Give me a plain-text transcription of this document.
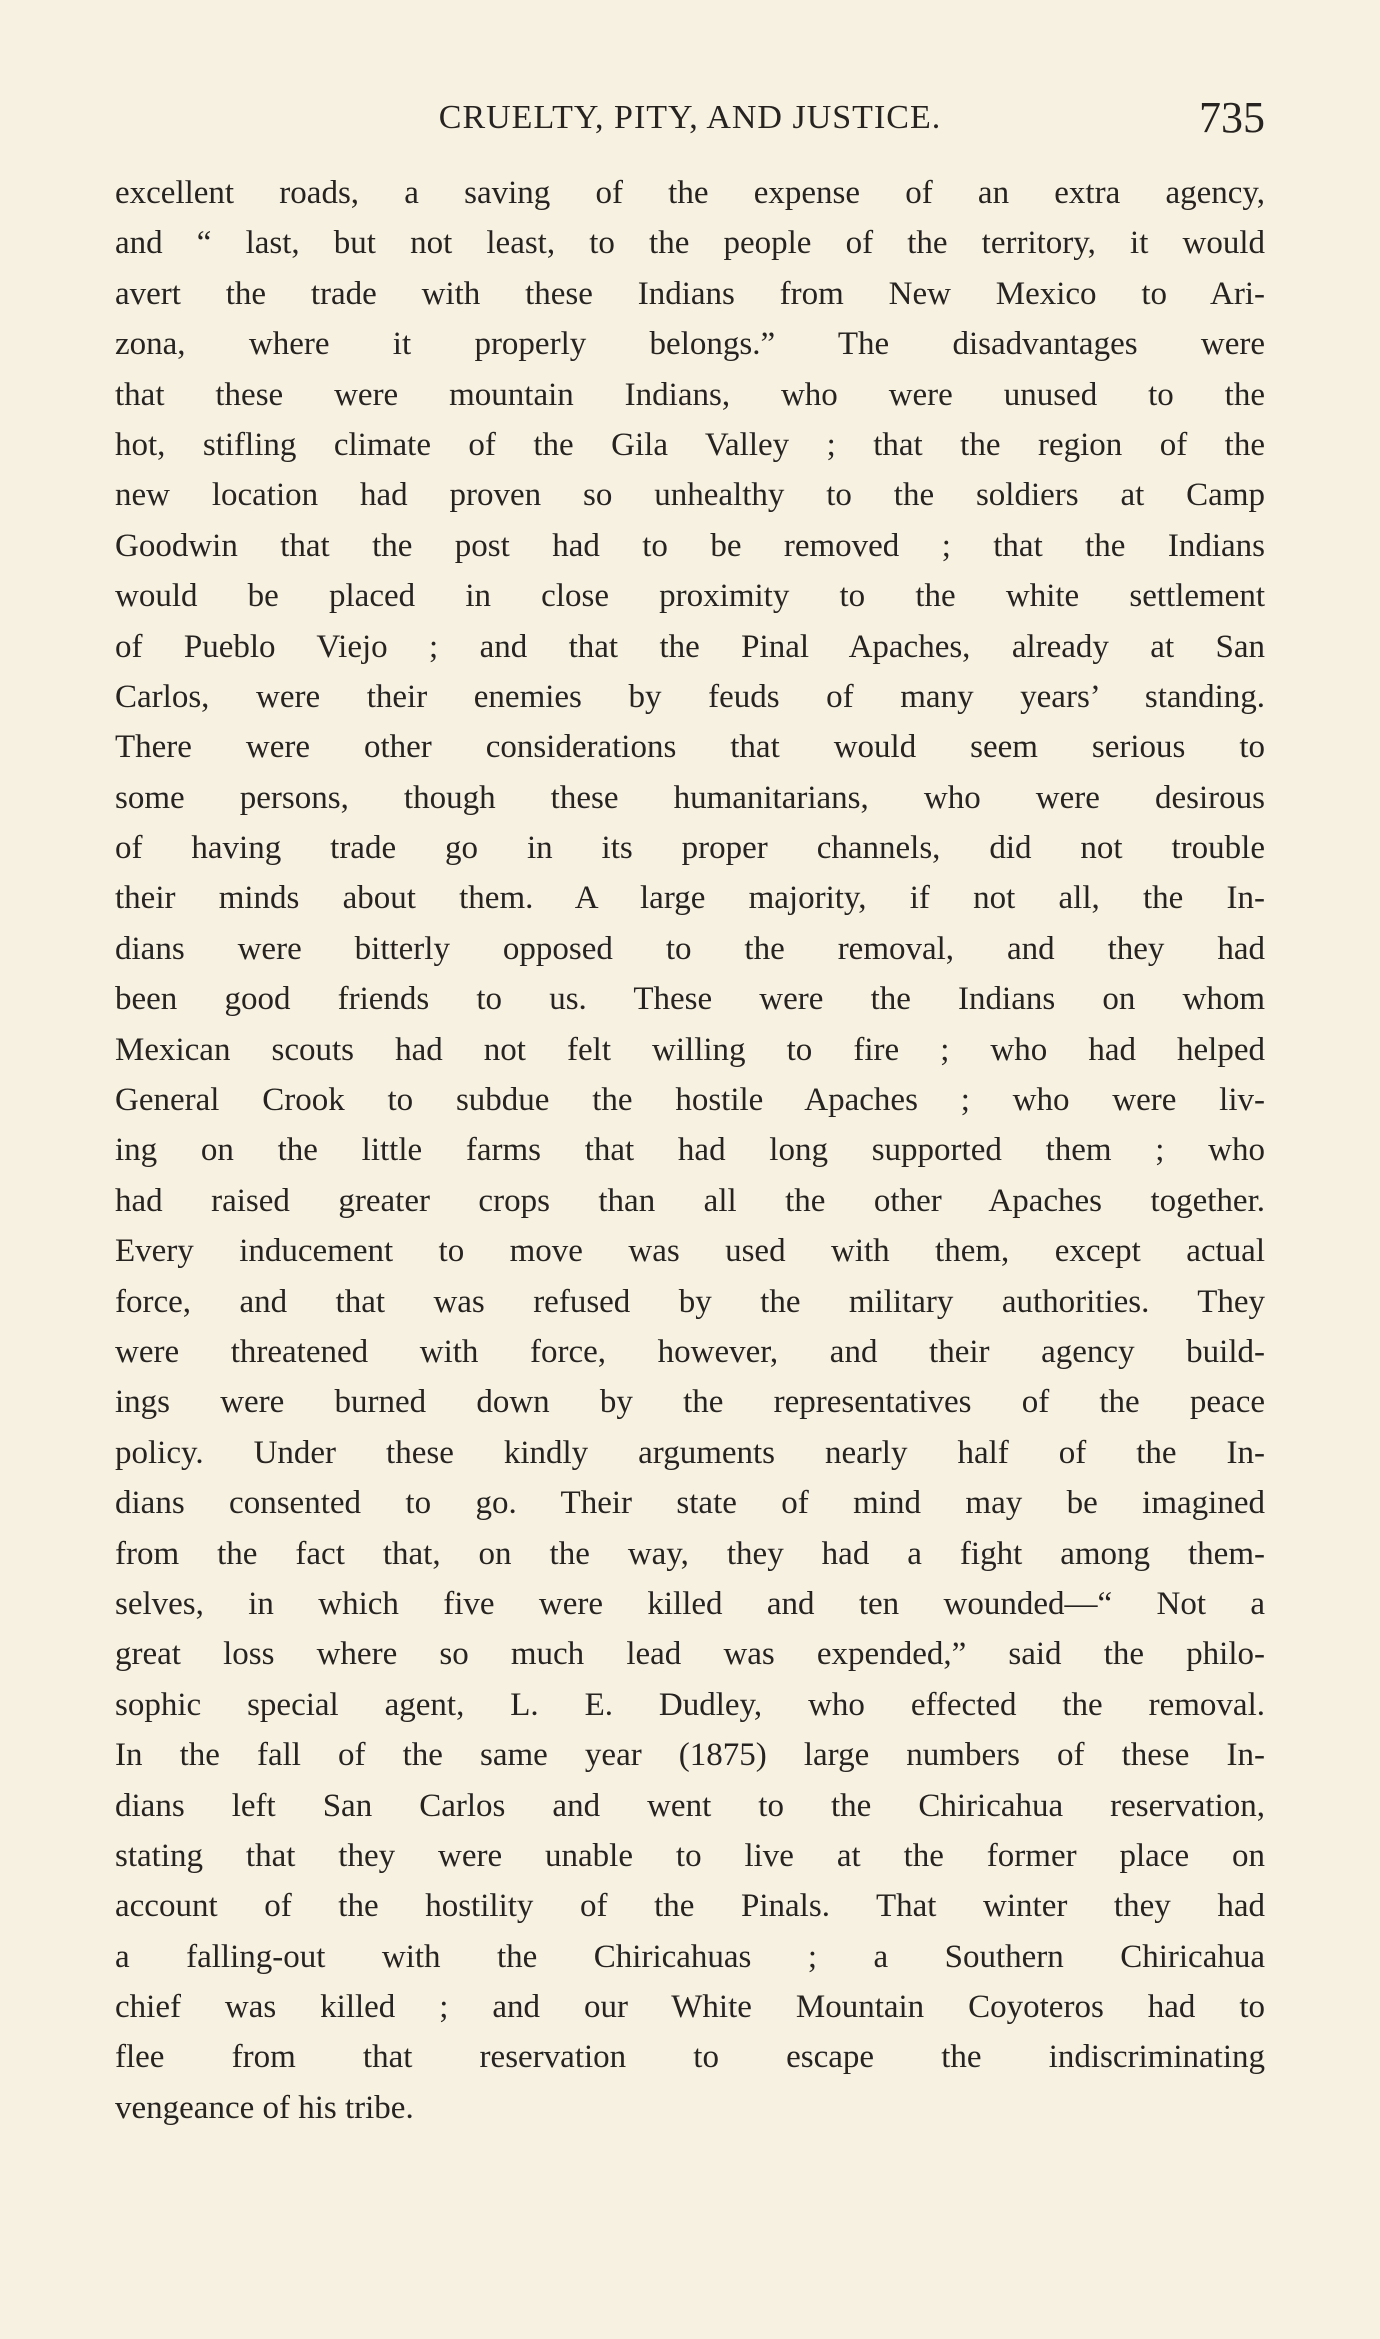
CRUELTY, PITY, AND JUSTICE.	735
excellent roads, a saving of the expense of an extra agency,
and “ last, but not least, to the people of the territory, it would
avert the trade with these Indians from New Mexico to Ari-
zona, where it properly belongs.” The disadvantages were
that these were mountain Indians, who were unused to the
hot, stifling climate of the Gila Valley ; that the region of the
new location had proven so unhealthy to the soldiers at Camp
Goodwin that the post had to be removed ; that the Indians
would be placed in close proximity to the white settlement
of Pueblo Viejo ; and that the Pinal Apaches, already at San
Carlos, were their enemies by feuds of many years’ standing.
There were other considerations that would seem serious to
some persons, though these humanitarians, who were desirous
of having trade go in its proper channels, did not trouble
their minds about them. A large majority, if not all, the In-
dians were bitterly opposed to the removal, and they had
been good friends to us. These were the Indians on whom
Mexican scouts had not felt willing to fire ; who had helped
General Crook to subdue the hostile Apaches ; who were liv-
ing on the little farms that had long supported them ; who
had raised greater crops than all the other Apaches together.
Every inducement to move was used with them, except actual
force, and that was refused by the military authorities. They
were threatened with force, however, and their agency build-
ings were burned down by the representatives of the peace
policy. Under these kindly arguments nearly half of the In-
dians consented to go. Their state of mind may be imagined
from the fact that, on the way, they had a fight among them-
selves, in which five were killed and ten wounded—“ Not a
great loss where so much lead was expended,” said the philo-
sophic special agent, L. E. Dudley, who effected the removal.
In the fall of the same year (1875) large numbers of these In-
dians left San Carlos and went to the Chiricahua reservation,
stating that they were unable to live at the former place on
account of the hostility of the Pinals. That winter they had
a falling-out with the Chiricahuas ; a Southern Chiricahua
chief was killed ; and our White Mountain Coyoteros had to
flee from that reservation to escape the indiscriminating
vengeance of his tribe.
